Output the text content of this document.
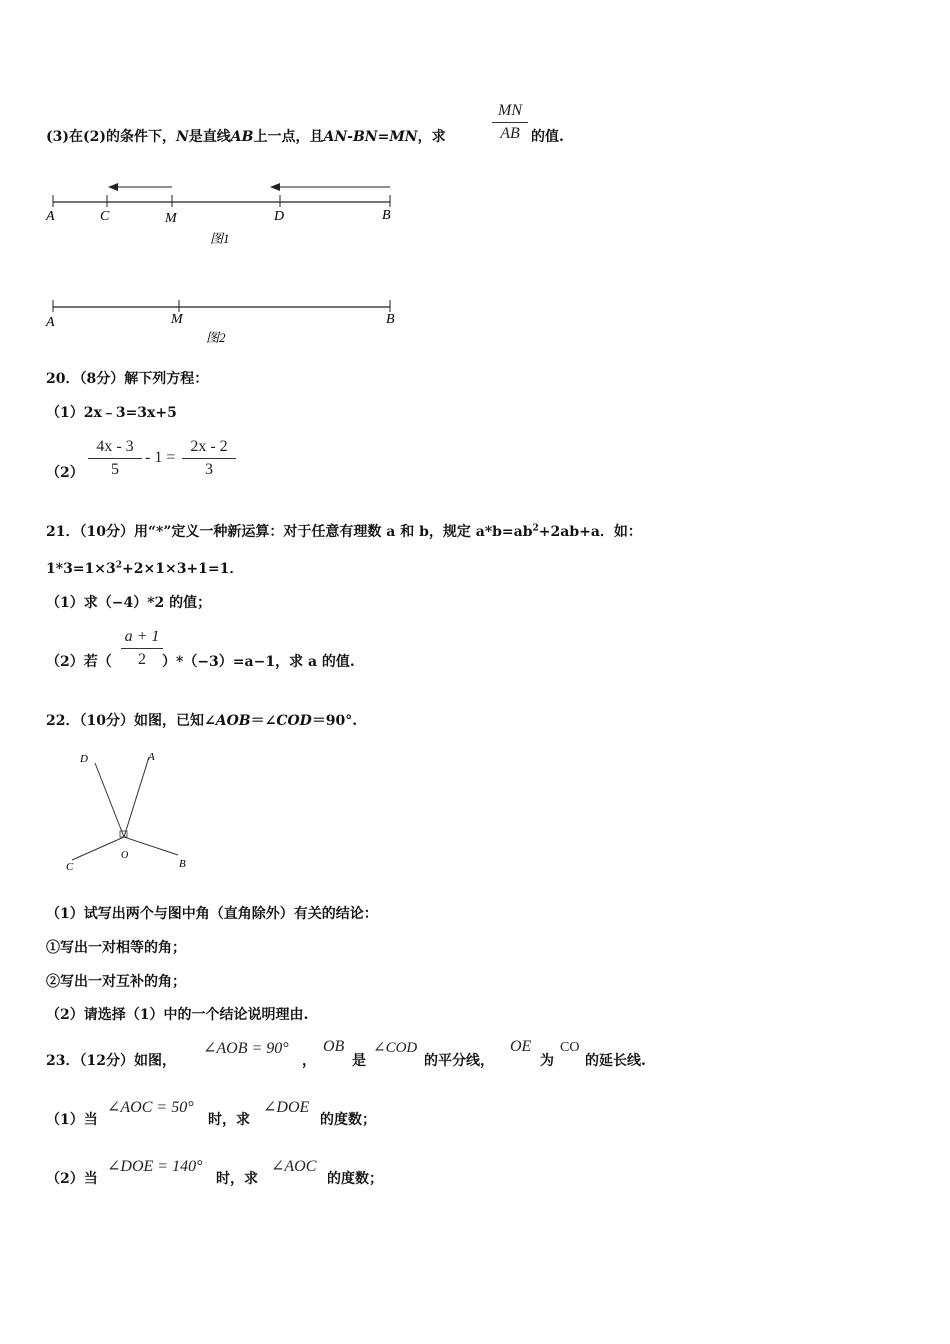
(3)在(2)的条件下，N是直线AB上一点，且AN-BN=MN，求
MN
AB 的值.
A	C	M	D	B
图1
A	M	B
图2
20．（8分）解下列方程：
（1）2x﹣3=3x+5
（2）
4x - 3
5
- 1 =
2x - 2
3
21．（10分）用“*”定义一种新运算：对于任意有理数 a 和 b，规定 $a*b=ab^2+2ab+a$．如：
$1*3=1\times 3^2+2\times 1\times 3+1=1$．
（1）求（−4）*2 的值；
（2）若（
a + 1
2	）*（−3）=a−1，求 a 的值.
22．（10分）如图，已知∠AOB＝∠COD＝90°.
D	A
C
O
B
（1）试写出两个与图中角（直角除外）有关的结论：
①写出一对相等的角；
②写出一对互补的角；
（2）请选择（1）中的一个结论说明理由.
23．（12分）如图，
∠AOB = 90°
，
OB
是
∠COD
的平分线，
OE
为
CO
的延长线.
（1）当
∠AOC = 50°
时，求
∠DOE
的度数；
（2）当
∠DOE = 140°
时，求
∠AOC
的度数；
